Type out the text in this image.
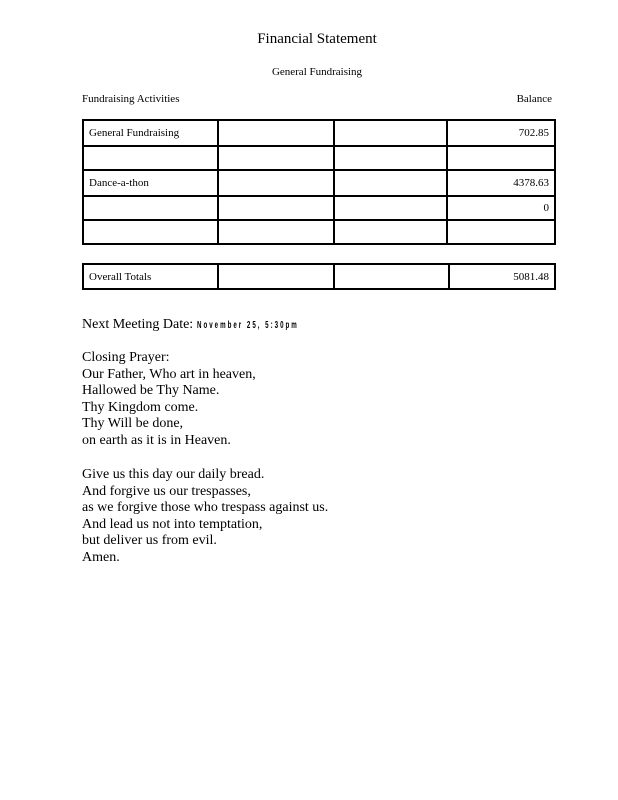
Financial Statement
General Fundraising
Fundraising Activities	Balance
General Fundraising			702.85

Dance-a-thon			4378.63
			0

Overall Totals			5081.48
Next Meeting Date: November 25, 5:30pm
Closing Prayer:
Our Father, Who art in heaven,
Hallowed be Thy Name.
Thy Kingdom come.
Thy Will be done,
on earth as it is in Heaven.
Give us this day our daily bread.
And forgive us our trespasses,
as we forgive those who trespass against us.
And lead us not into temptation,
but deliver us from evil.
Amen.
